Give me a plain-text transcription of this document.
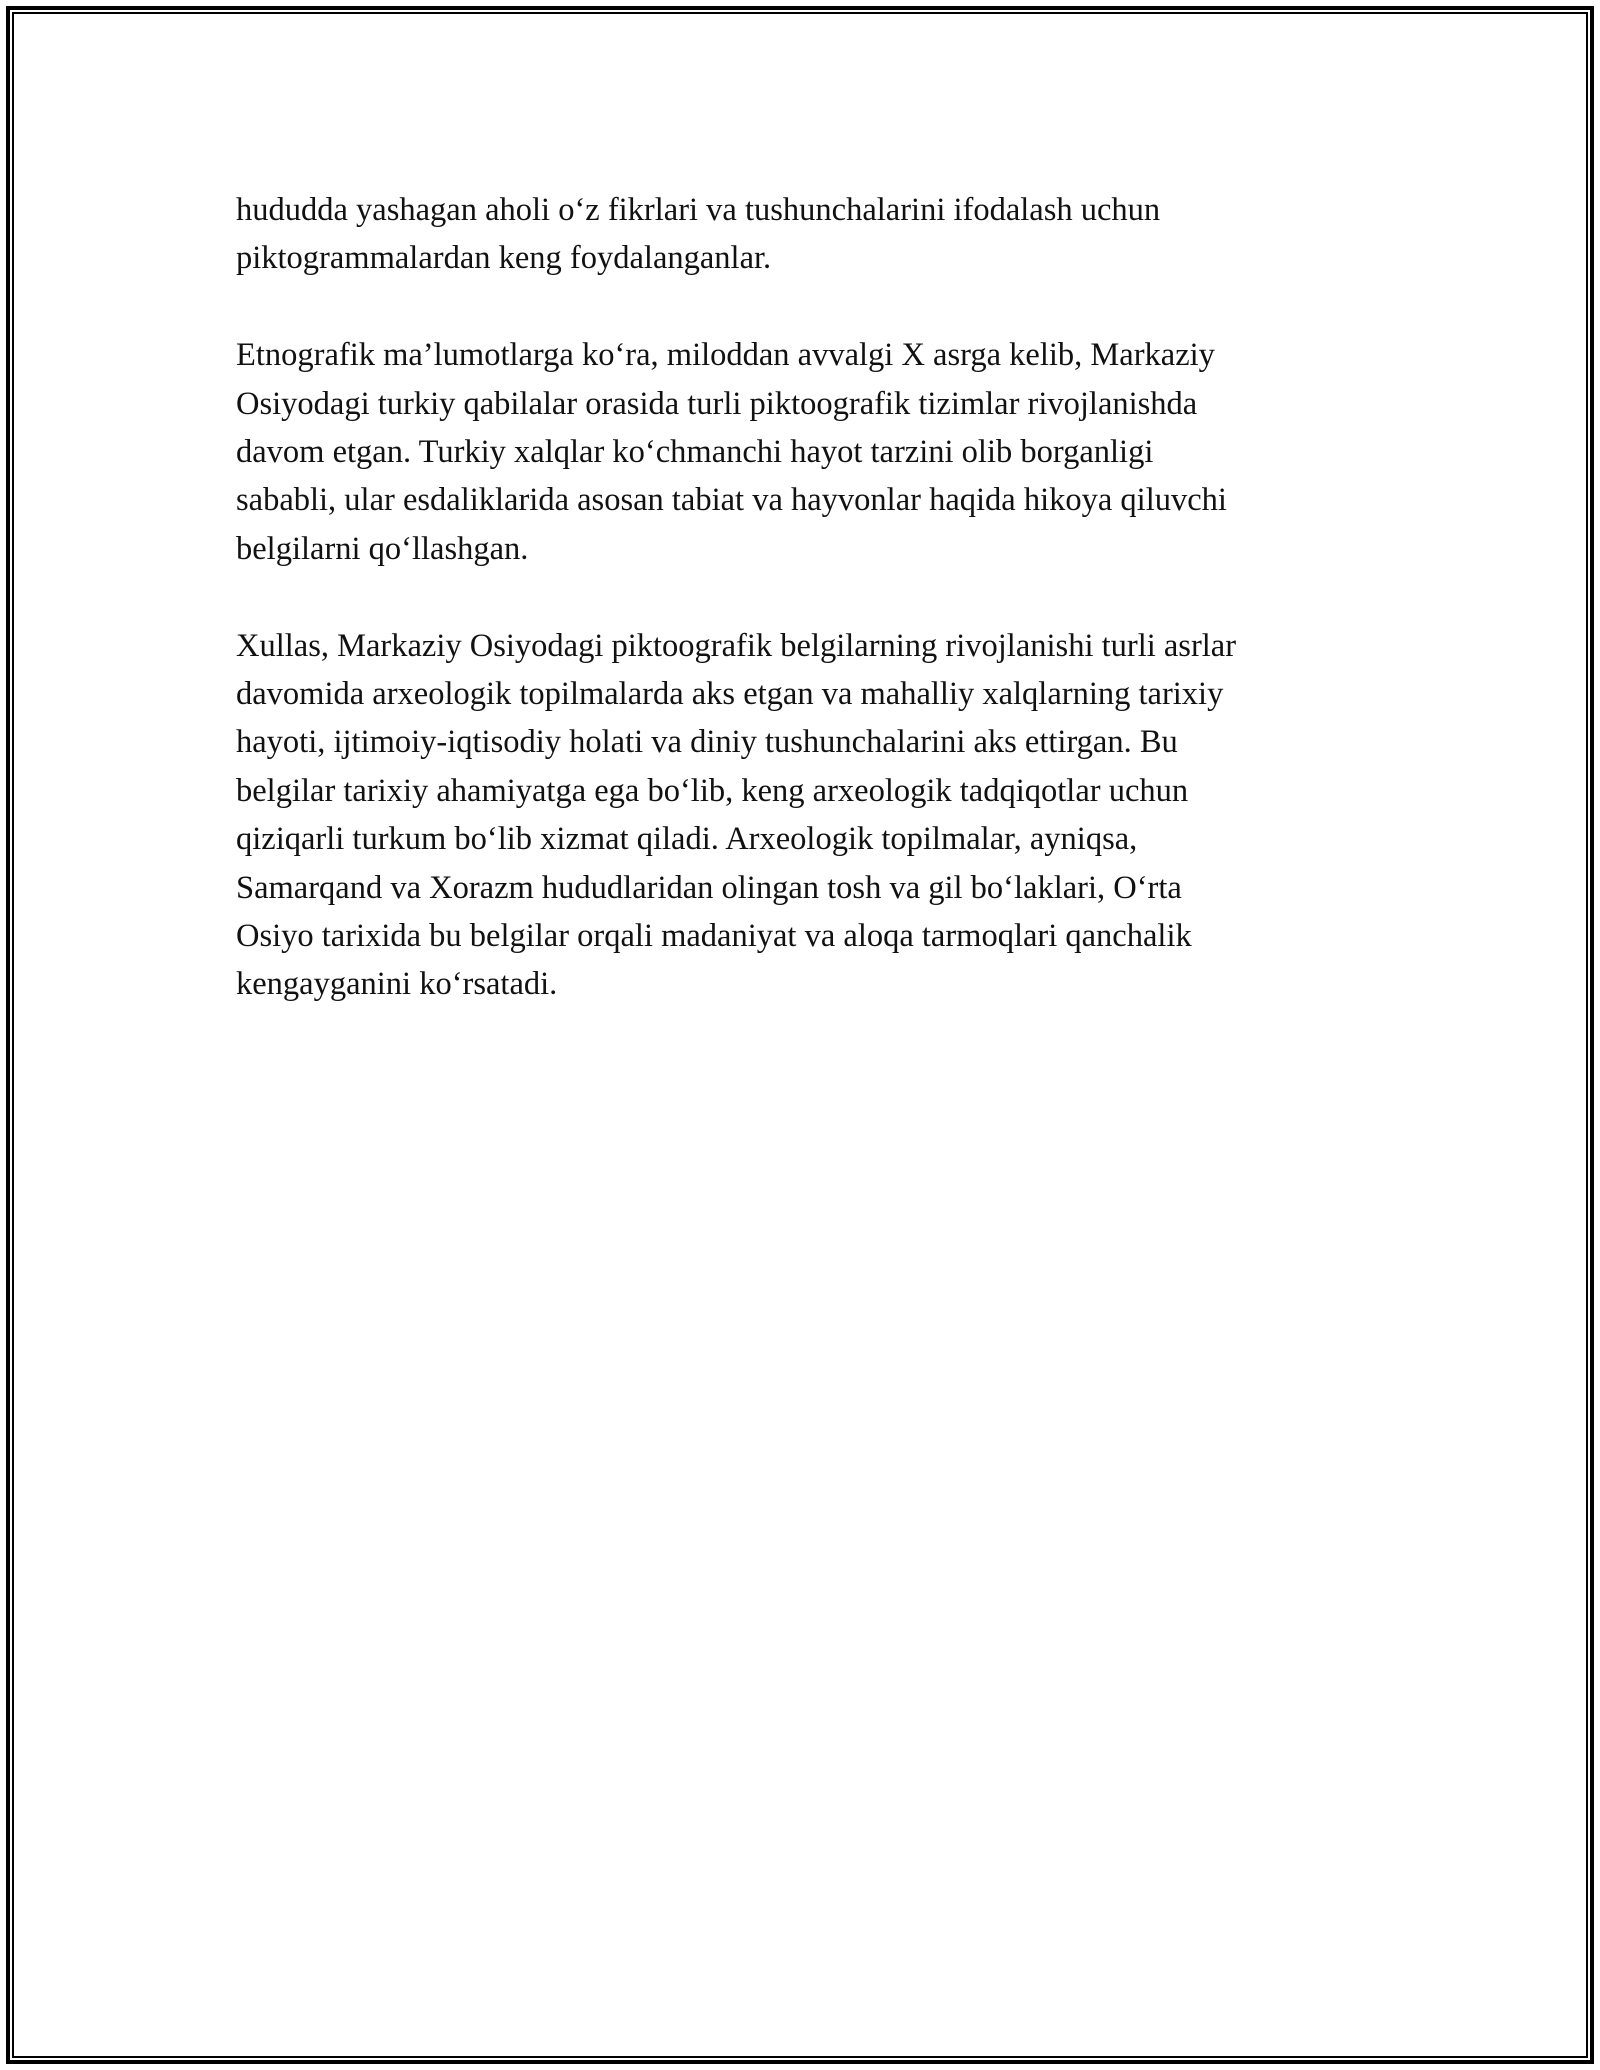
hududda yashagan aholi o‘z fikrlari va tushunchalarini ifodalash uchun
piktogrammalardan keng foydalanganlar.

Etnografik ma’lumotlarga ko‘ra, miloddan avvalgi X asrga kelib, Markaziy
Osiyodagi turkiy qabilalar orasida turli piktoografik tizimlar rivojlanishda
davom etgan. Turkiy xalqlar ko‘chmanchi hayot tarzini olib borganligi
sababli, ular esdaliklarida asosan tabiat va hayvonlar haqida hikoya qiluvchi
belgilarni qo‘llashgan.

Xullas, Markaziy Osiyodagi piktoografik belgilarning rivojlanishi turli asrlar
davomida arxeologik topilmalarda aks etgan va mahalliy xalqlarning tarixiy
hayoti, ijtimoiy-iqtisodiy holati va diniy tushunchalarini aks ettirgan. Bu
belgilar tarixiy ahamiyatga ega bo‘lib, keng arxeologik tadqiqotlar uchun
qiziqarli turkum bo‘lib xizmat qiladi. Arxeologik topilmalar, ayniqsa,
Samarqand va Xorazm hududlaridan olingan tosh va gil bo‘laklari, O‘rta
Osiyo tarixida bu belgilar orqali madaniyat va aloqa tarmoqlari qanchalik
kengayganini ko‘rsatadi.
